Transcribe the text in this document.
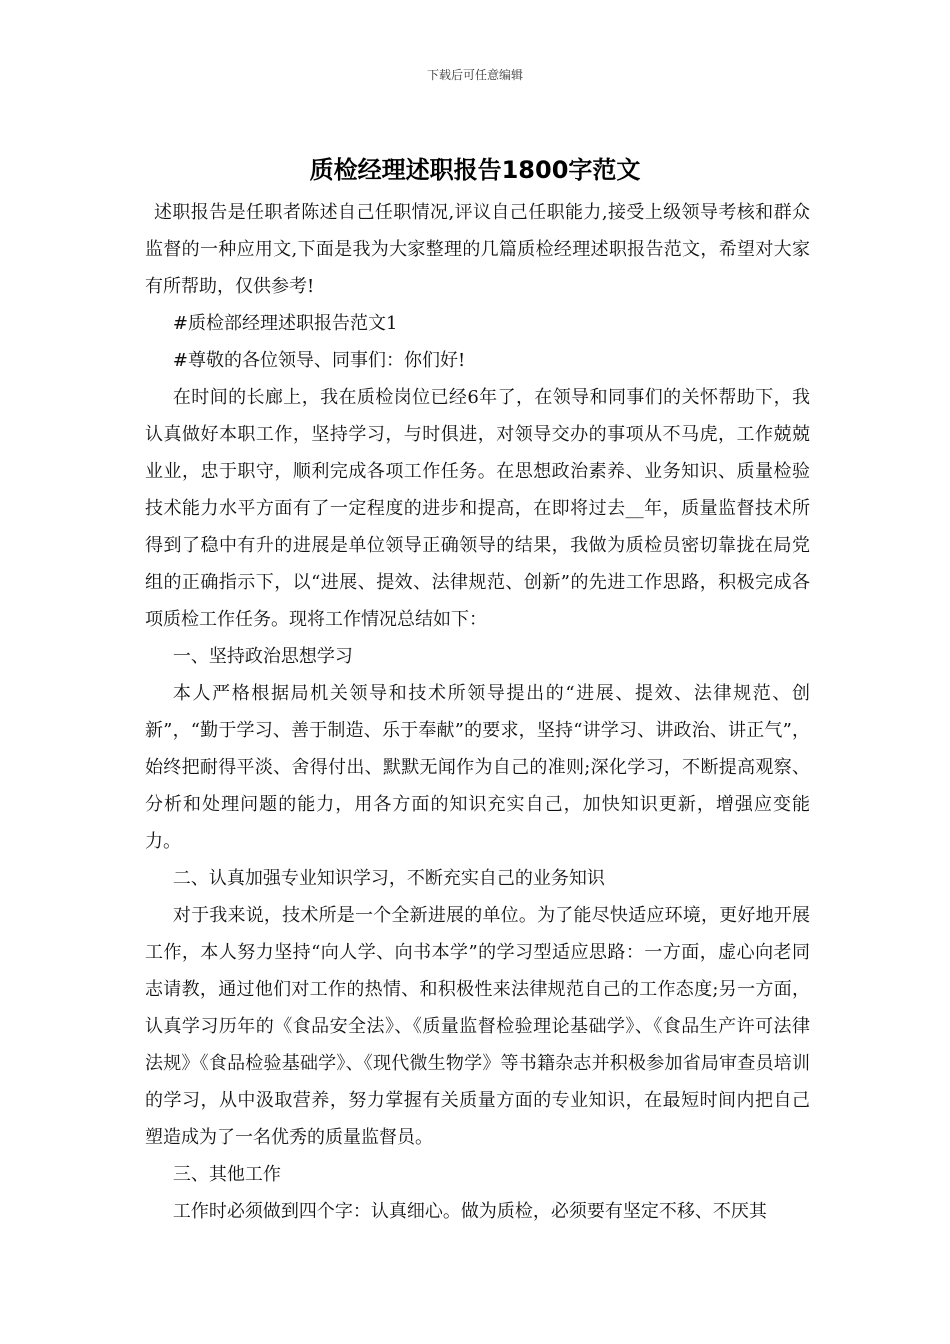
下载后可任意编辑
质检经理述职报告1800字范文

述职报告是任职者陈述自己任职情况,评议自己任职能力,接受上级领导考核和群众监督的一种应用文,下面是我为大家整理的几篇质检经理述职报告范文，希望对大家有所帮助，仅供参考!

#质检部经理述职报告范文1

#尊敬的各位领导、同事们：你们好!

在时间的长廊上，我在质检岗位已经6年了，在领导和同事们的关怀帮助下，我认真做好本职工作，坚持学习，与时俱进，对领导交办的事项从不马虎，工作兢兢业业，忠于职守，顺利完成各项工作任务。在思想政治素养、业务知识、质量检验技术能力水平方面有了一定程度的进步和提高，在即将过去__年，质量监督技术所得到了稳中有升的进展是单位领导正确领导的结果，我做为质检员密切靠拢在局党组的正确指示下，以“进展、提效、法律规范、创新”的先进工作思路，积极完成各项质检工作任务。现将工作情况总结如下：

一、坚持政治思想学习

本人严格根据局机关领导和技术所领导提出的“进展、提效、法律规范、创新”，“勤于学习、善于制造、乐于奉献”的要求，坚持“讲学习、讲政治、讲正气”，始终把耐得平淡、舍得付出、默默无闻作为自己的准则;深化学习，不断提高观察、分析和处理问题的能力，用各方面的知识充实自己，加快知识更新，增强应变能力。

二、认真加强专业知识学习，不断充实自己的业务知识

对于我来说，技术所是一个全新进展的单位。为了能尽快适应环境，更好地开展工作，本人努力坚持“向人学、向书本学”的学习型适应思路：一方面，虚心向老同志请教，通过他们对工作的热情、和积极性来法律规范自己的工作态度;另一方面，认真学习历年的《食品安全法》、《质量监督检验理论基础学》、《食品生产许可法律法规》《食品检验基础学》、《现代微生物学》等书籍杂志并积极参加省局审查员培训的学习，从中汲取营养，努力掌握有关质量方面的专业知识，在最短时间内把自己塑造成为了一名优秀的质量监督员。

三、其他工作

工作时必须做到四个字：认真细心。做为质检，必须要有坚定不移、不厌其
